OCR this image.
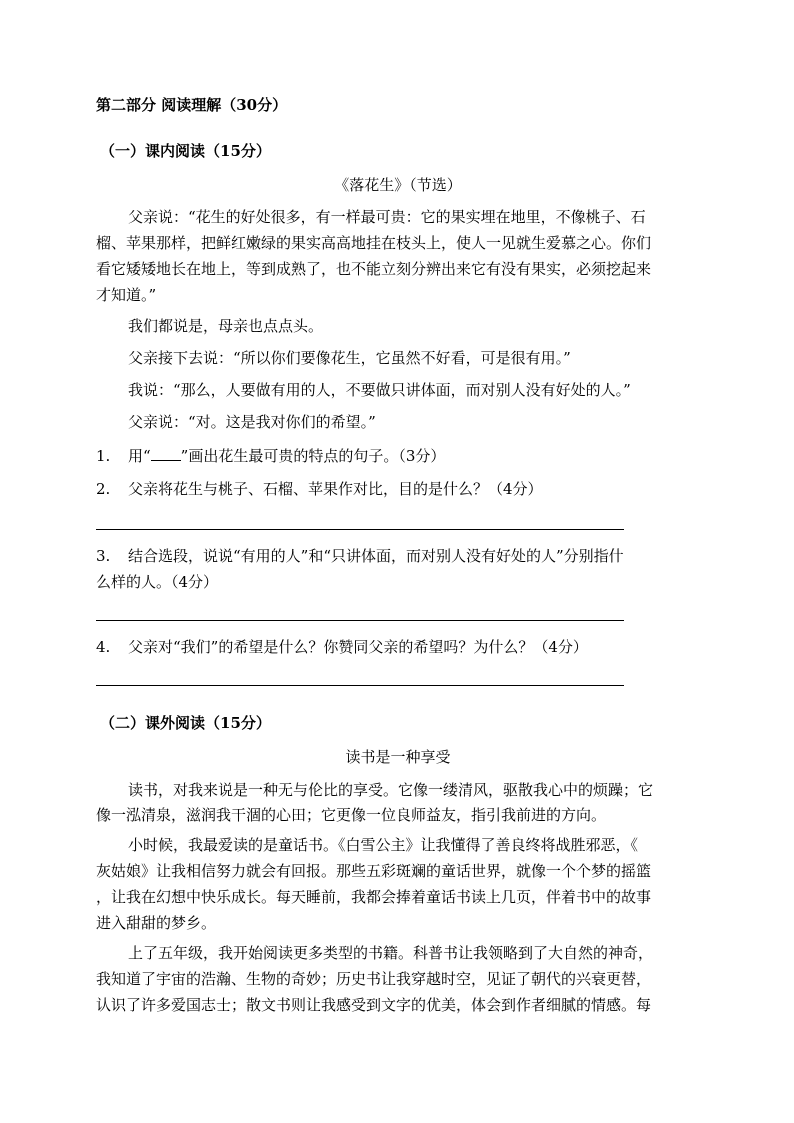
第二部分 阅读理解（30分）

（一）课内阅读（15分）

《落花生》（节选）

父亲说：“花生的好处很多，有一样最可贵：它的果实埋在地里，不像桃子、石

榴、苹果那样，把鲜红嫩绿的果实高高地挂在枝头上，使人一见就生爱慕之心。你们

看它矮矮地长在地上，等到成熟了，也不能立刻分辨出来它有没有果实，必须挖起来

才知道。”

我们都说是，母亲也点点头。

父亲接下去说：“所以你们要像花生，它虽然不好看，可是很有用。”

我说：“那么，人要做有用的人，不要做只讲体面，而对别人没有好处的人。”

父亲说：“对。这是我对你们的希望。”

1. 用“ ”画出花生最可贵的特点的句子。（3分）
2. 父亲将花生与桃子、石榴、苹果作对比，目的是什么？（4分）
3. 结合选段，说说“有用的人”和“只讲体面，而对别人没有好处的人”分别指什

么样的人。（4分）

4. 父亲对“我们”的希望是什么？你赞同父亲的希望吗？为什么？（4分）

（二）课外阅读（15分）

读书是一种享受

读书，对我来说是一种无与伦比的享受。它像一缕清风，驱散我心中的烦躁；它

像一泓清泉，滋润我干涸的心田；它更像一位良师益友，指引我前进的方向。

小时候，我最爱读的是童话书。《白雪公主》让我懂得了善良终将战胜邪恶，《

灰姑娘》让我相信努力就会有回报。那些五彩斑斓的童话世界，就像一个个梦的摇篮

，让我在幻想中快乐成长。每天睡前，我都会捧着童话书读上几页，伴着书中的故事

进入甜甜的梦乡。

上了五年级，我开始阅读更多类型的书籍。科普书让我领略到了大自然的神奇，

我知道了宇宙的浩瀚、生物的奇妙；历史书让我穿越时空，见证了朝代的兴衰更替，

认识了许多爱国志士；散文书则让我感受到文字的优美，体会到作者细腻的情感。每
